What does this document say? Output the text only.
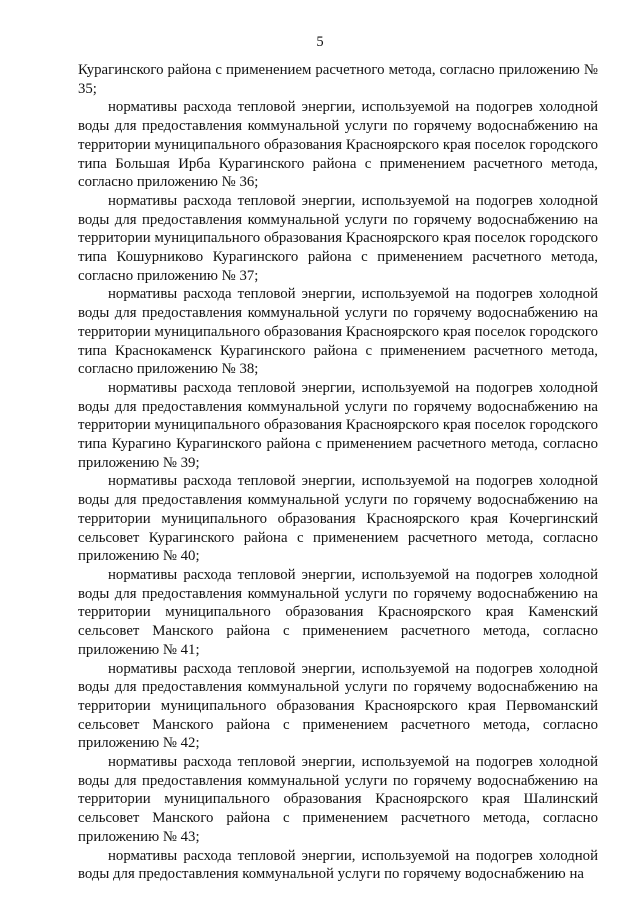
5

Курагинского района с применением расчетного метода, согласно приложению № 35;

нормативы расхода тепловой энергии, используемой на подогрев холодной воды для предоставления коммунальной услуги по горячему водоснабжению на территории муниципального образования Красноярского края поселок городского типа Большая Ирба Курагинского района с применением расчетного метода, согласно приложению № 36;

нормативы расхода тепловой энергии, используемой на подогрев холодной воды для предоставления коммунальной услуги по горячему водоснабжению на территории муниципального образования Красноярского края поселок городского типа Кошурниково Курагинского района с применением расчетного метода, согласно приложению № 37;

нормативы расхода тепловой энергии, используемой на подогрев холодной воды для предоставления коммунальной услуги по горячему водоснабжению на территории муниципального образования Красноярского края поселок городского типа Краснокаменск Курагинского района с применением расчетного метода, согласно приложению № 38;

нормативы расхода тепловой энергии, используемой на подогрев холодной воды для предоставления коммунальной услуги по горячему водоснабжению на территории муниципального образования Красноярского края поселок городского типа Курагино Курагинского района с применением расчетного метода, согласно приложению № 39;

нормативы расхода тепловой энергии, используемой на подогрев холодной воды для предоставления коммунальной услуги по горячему водоснабжению на территории муниципального образования Красноярского края Кочергинский сельсовет Курагинского района с применением расчетного метода, согласно приложению № 40;

нормативы расхода тепловой энергии, используемой на подогрев холодной воды для предоставления коммунальной услуги по горячему водоснабжению на территории муниципального образования Красноярского края Каменский сельсовет Манского района с применением расчетного метода, согласно приложению № 41;

нормативы расхода тепловой энергии, используемой на подогрев холодной воды для предоставления коммунальной услуги по горячему водоснабжению на территории муниципального образования Красноярского края Первоманский сельсовет Манского района с применением расчетного метода, согласно приложению № 42;

нормативы расхода тепловой энергии, используемой на подогрев холодной воды для предоставления коммунальной услуги по горячему водоснабжению на территории муниципального образования Красноярского края Шалинский сельсовет Манского района с применением расчетного метода, согласно приложению № 43;

нормативы расхода тепловой энергии, используемой на подогрев холодной воды для предоставления коммунальной услуги по горячему водоснабжению на
